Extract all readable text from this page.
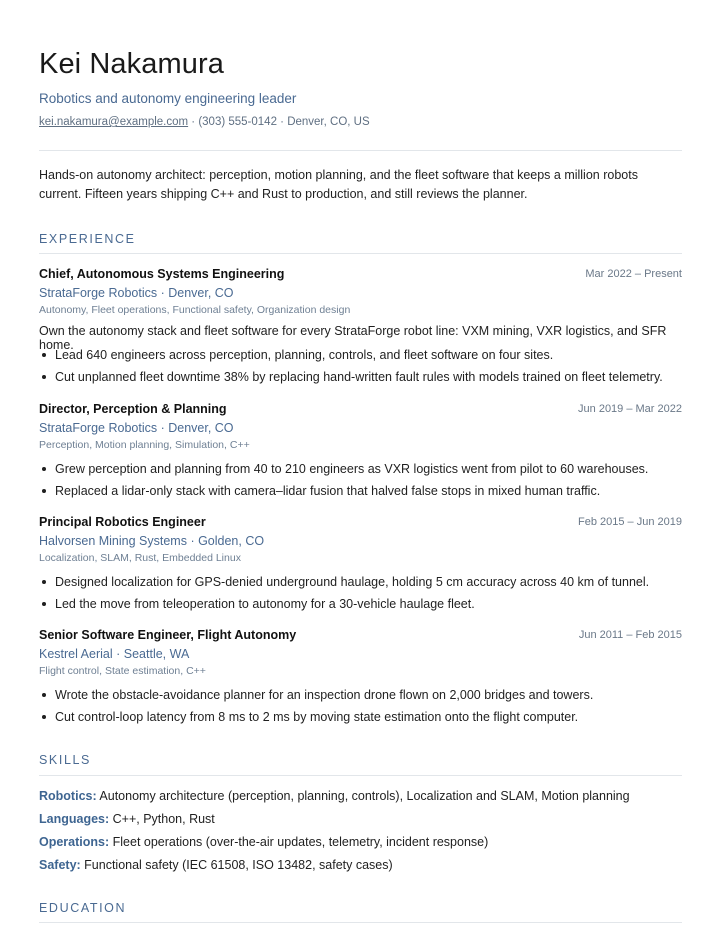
Kei Nakamura
Robotics and autonomy engineering leader
kei.nakamura@example.com · (303) 555-0142 · Denver, CO, US
Hands-on autonomy architect: perception, motion planning, and the fleet software that keeps a million robots current. Fifteen years shipping C++ and Rust to production, and still reviews the planner.
EXPERIENCE
Chief, Autonomous Systems Engineering	Mar 2022 – Present
StrataForge Robotics · Denver, CO
Autonomy, Fleet operations, Functional safety, Organization design
Own the autonomy stack and fleet software for every StrataForge robot line: VXM mining, VXR logistics, and SFR home.
Lead 640 engineers across perception, planning, controls, and fleet software on four sites.
Cut unplanned fleet downtime 38% by replacing hand-written fault rules with models trained on fleet telemetry.
Director, Perception & Planning	Jun 2019 – Mar 2022
StrataForge Robotics · Denver, CO
Perception, Motion planning, Simulation, C++
Grew perception and planning from 40 to 210 engineers as VXR logistics went from pilot to 60 warehouses.
Replaced a lidar-only stack with camera–lidar fusion that halved false stops in mixed human traffic.
Principal Robotics Engineer	Feb 2015 – Jun 2019
Halvorsen Mining Systems · Golden, CO
Localization, SLAM, Rust, Embedded Linux
Designed localization for GPS-denied underground haulage, holding 5 cm accuracy across 40 km of tunnel.
Led the move from teleoperation to autonomy for a 30-vehicle haulage fleet.
Senior Software Engineer, Flight Autonomy	Jun 2011 – Feb 2015
Kestrel Aerial · Seattle, WA
Flight control, State estimation, C++
Wrote the obstacle-avoidance planner for an inspection drone flown on 2,000 bridges and towers.
Cut control-loop latency from 8 ms to 2 ms by moving state estimation onto the flight computer.
SKILLS
Robotics: Autonomy architecture (perception, planning, controls), Localization and SLAM, Motion planning
Languages: C++, Python, Rust
Operations: Fleet operations (over-the-air updates, telemetry, incident response)
Safety: Functional safety (IEC 61508, ISO 13482, safety cases)
EDUCATION
